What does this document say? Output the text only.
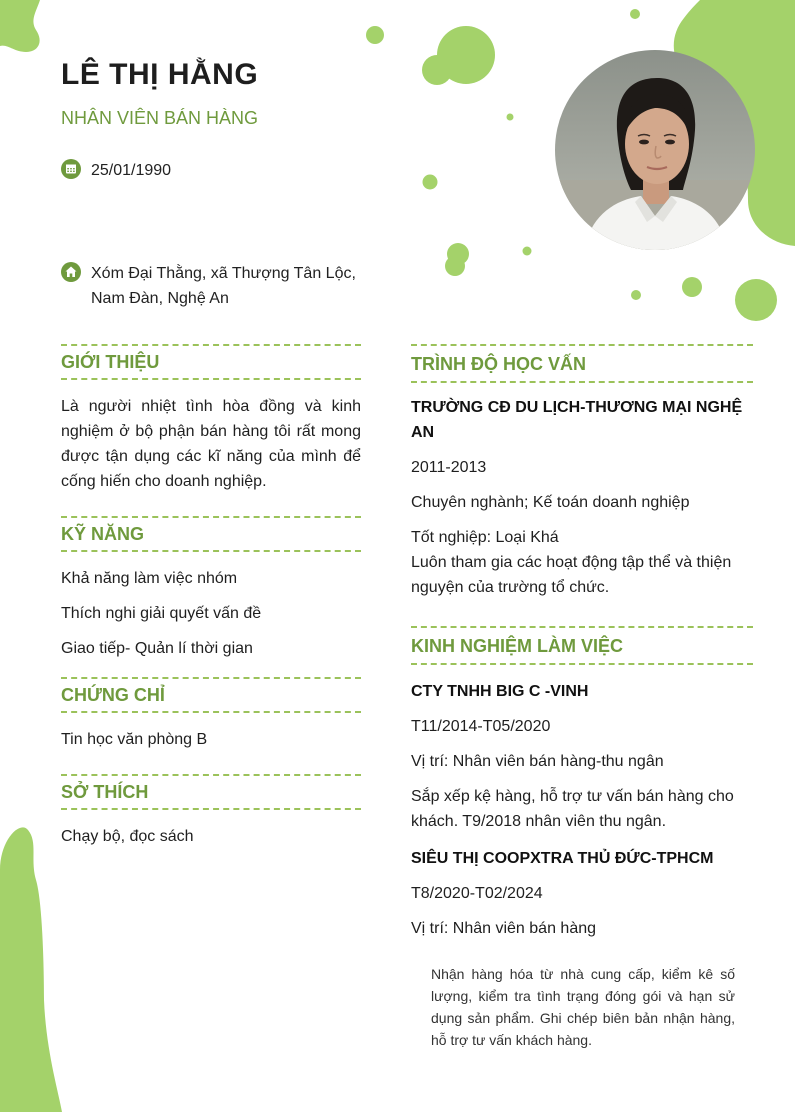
LÊ THỊ HẰNG
NHÂN VIÊN BÁN HÀNG
25/01/1990
Xóm Đại Thằng, xã Thượng Tân Lộc,
Nam Đàn, Nghệ An
GIỚI THIỆU

Là người nhiệt tình hòa đồng và kinh nghiệm ở bộ phận bán hàng tôi rất mong được tận dụng các kĩ năng của mình để cống hiến cho doanh nghiệp.

KỸ NĂNG

Khả năng làm việc nhóm

Thích nghi giải quyết vấn đề

Giao tiếp- Quản lí thời gian

CHỨNG CHỈ

Tin học văn phòng B

SỞ THÍCH

Chạy bộ, đọc sách

TRÌNH ĐỘ HỌC VẤN

TRƯỜNG CĐ DU LỊCH-THƯƠNG MẠI NGHỆ AN

2011-2013

Chuyên nghành; Kế toán doanh nghiệp

Tốt nghiệp: Loại Khá

Luôn tham gia các hoạt động tập thể và thiện nguyện của trường tổ chức.

KINH NGHIỆM LÀM VIỆC

CTY TNHH BIG C -VINH

T11/2014-T05/2020

Vị trí: Nhân viên bán hàng-thu ngân

Sắp xếp kệ hàng, hỗ trợ tư vấn bán hàng cho khách. T9/2018 nhân viên thu ngân.

SIÊU THỊ COOPXTRA THỦ ĐỨC-TPHCM

T8/2020-T02/2024

Vị trí: Nhân viên bán hàng

Nhận hàng hóa từ nhà cung cấp, kiểm kê số lượng, kiểm tra tình trạng đóng gói và hạn sử dụng sản phẩm. Ghi chép biên bản nhận hàng, hỗ trợ tư vấn khách hàng.
